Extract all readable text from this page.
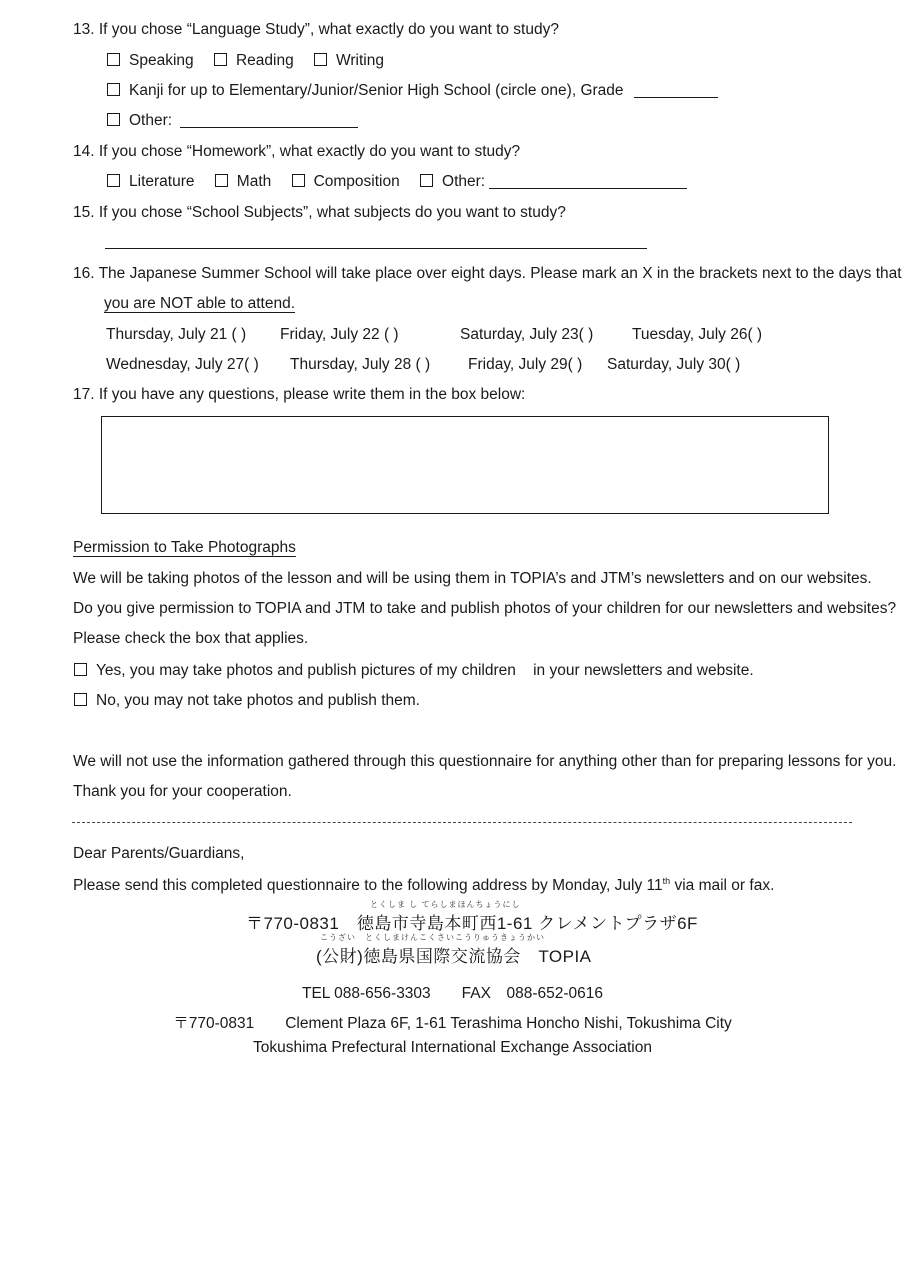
13. If you chose “Language Study”, what exactly do you want to study?
Speaking	Reading	Writing
Kanji for up to Elementary/Junior/Senior High School (circle one), Grade
Other:
14. If you chose “Homework”, what exactly do you want to study?
Literature	Math	Composition	Other:
15. If you chose “School Subjects”, what subjects do you want to study?
16. The Japanese Summer School will take place over eight days. Please mark an X in the brackets next to the days that
you are NOT able to attend.
Thursday, July 21 ( ) Friday, July 22 ( )	Saturday, July 23( )	Tuesday, July 26( )
Wednesday, July 27( ) Thursday, July 28 ( ) Friday, July 29( ) Saturday, July 30( )
17. If you have any questions, please write them in the box below:
Permission to Take Photographs
We will be taking photos of the lesson and will be using them in TOPIA’s and JTM’s newsletters and on our websites.
Do you give permission to TOPIA and JTM to take and publish photos of your children for our newsletters and websites?
Please check the box that applies.
Yes, you may take photos and publish pictures of my children    in your newsletters and website.
No, you may not take photos and publish them.
We will not use the information gathered through this questionnaire for anything other than for preparing lessons for you.
Thank you for your cooperation.
Dear Parents/Guardians,
Please send this completed questionnaire to the following address by Monday, July 11th via mail or fax.
とくしま し てらしまほんちょうにし
〒770-0831　徳島市寺島本町西1-61 クレメントプラザ6F
こうざい　とくしまけんこくさいこうりゅうきょうかい
(公財)徳島県国際交流協会　TOPIA
TEL 088-656-3303　　FAX　088-652-0616
〒770-0831　　Clement Plaza 6F, 1-61 Terashima Honcho Nishi, Tokushima City
Tokushima Prefectural International Exchange Association
